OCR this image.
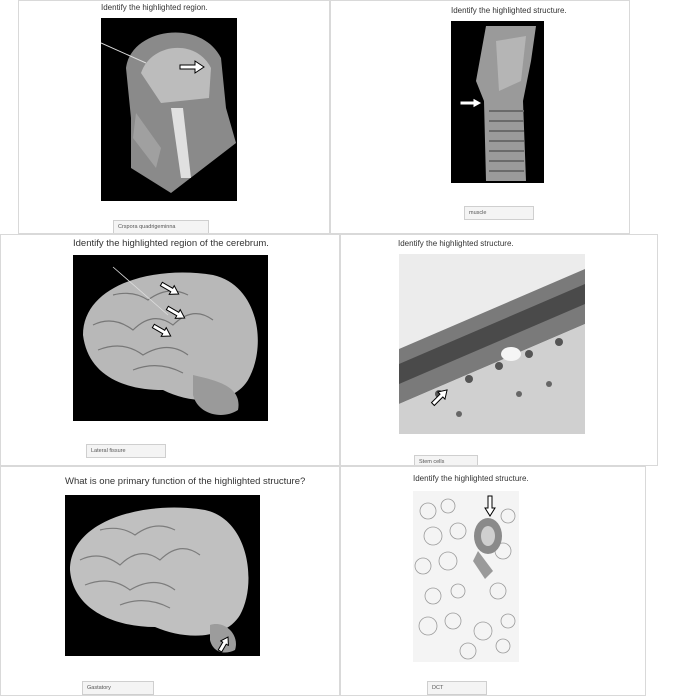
Identify the highlighted region.
Crspora quadrigeminna
Identify the highlighted structure.
muscle
Identify the highlighted region of the cerebrum.
Lateral fissure
Identify the highlighted structure.
Stem cells
What is one primary function of the highlighted structure?
Gastatory
Identify the highlighted structure.
DCT
